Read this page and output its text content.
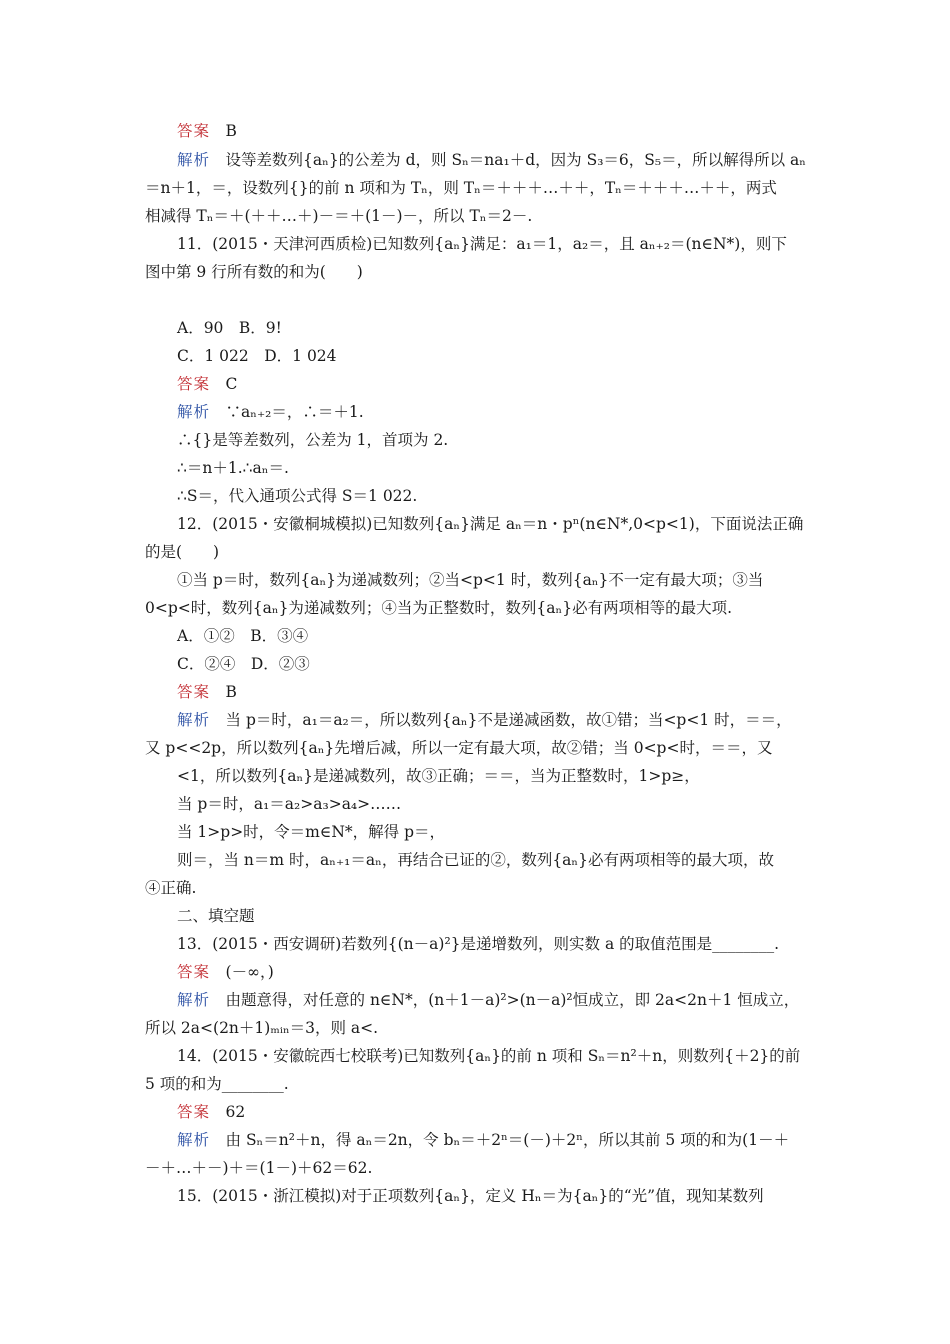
答案　B
解析　设等差数列{aₙ}的公差为 d，则 Sₙ＝na₁＋d，因为 S₃＝6，S₅＝，所以解得所以 aₙ
＝n＋1，＝，设数列{}的前 n 项和为 Tₙ，则 Tₙ＝＋＋＋…＋＋，Tₙ＝＋＋＋…＋＋，两式
相减得 Tₙ＝＋(＋＋…＋)－＝＋(1－)－，所以 Tₙ＝2－.
11．(2015・天津河西质检)已知数列{aₙ}满足：a₁＝1，a₂＝，且 aₙ₊₂＝(n∈N*)，则下
图中第 9 行所有数的和为(　　)
A．90　B．9!
C．1 022　D．1 024
答案　C
解析　∵aₙ₊₂＝，∴＝＋1.
∴{}是等差数列，公差为 1，首项为 2.
∴＝n＋1.∴aₙ＝.
∴S＝，代入通项公式得 S＝1 022.
12．(2015・安徽桐城模拟)已知数列{aₙ}满足 aₙ＝n・pⁿ(n∈N*,0<p<1)，下面说法正确
的是(　　)
①当 p＝时，数列{aₙ}为递减数列；②当<p<1 时，数列{aₙ}不一定有最大项；③当
0<p<时，数列{aₙ}为递减数列；④当为正整数时，数列{aₙ}必有两项相等的最大项.
A．①②　B．③④
C．②④　D．②③
答案　B
解析　当 p＝时，a₁＝a₂＝，所以数列{aₙ}不是递减函数，故①错；当<p<1 时，＝＝，
又 p<<2p，所以数列{aₙ}先增后减，所以一定有最大项，故②错；当 0<p<时，＝＝，又
<1，所以数列{aₙ}是递减数列，故③正确；＝＝，当为正整数时，1>p≥，
当 p＝时，a₁＝a₂>a₃>a₄>……
当 1>p>时，令＝m∈N*，解得 p＝，
则＝，当 n＝m 时，aₙ₊₁＝aₙ，再结合已证的②，数列{aₙ}必有两项相等的最大项，故
④正确.
二、填空题
13．(2015・西安调研)若数列{(n－a)²}是递增数列，则实数 a 的取值范围是________.
答案　(－∞，)
解析　由题意得，对任意的 n∈N*，(n＋1－a)²>(n－a)²恒成立，即 2a<2n＋1 恒成立，
所以 2a<(2n＋1)ₘᵢₙ＝3，则 a<.
14．(2015・安徽皖西七校联考)已知数列{aₙ}的前 n 项和 Sₙ＝n²＋n，则数列{＋2}的前
5 项的和为________.
答案　62
解析　由 Sₙ＝n²＋n，得 aₙ＝2n，令 bₙ＝＋2ⁿ＝(－)＋2ⁿ，所以其前 5 项的和为(1－＋
－＋…＋－)＋＝(1－)＋62＝62.
15．(2015・浙江模拟)对于正项数列{aₙ}，定义 Hₙ＝为{aₙ}的“光”值，现知某数列
